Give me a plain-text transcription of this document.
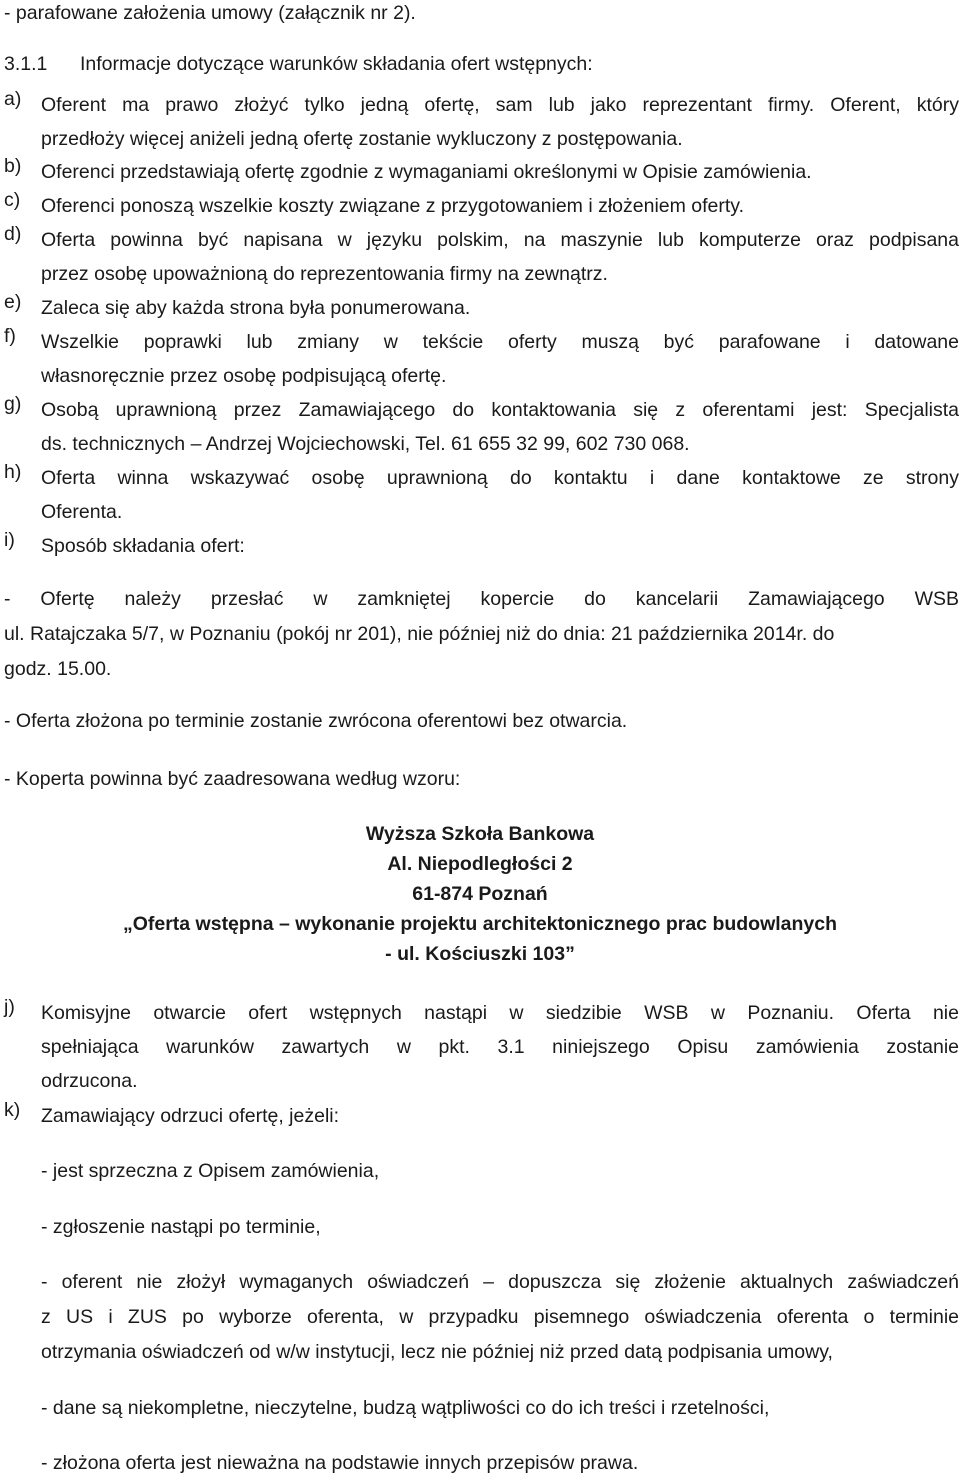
- parafowane założenia umowy (załącznik nr 2).
3.1.1 Informacje dotyczące warunków składania ofert wstępnych:
a) Oferent ma prawo złożyć tylko jedną ofertę, sam lub jako reprezentant firmy. Oferent, który
przedłoży więcej aniżeli jedną ofertę zostanie wykluczony z postępowania.
b) Oferenci przedstawiają ofertę zgodnie z wymaganiami określonymi w Opisie zamówienia.
c) Oferenci ponoszą wszelkie koszty związane z przygotowaniem i złożeniem oferty.
d) Oferta powinna być napisana w języku polskim, na maszynie lub komputerze oraz podpisana
przez osobę upoważnioną do reprezentowania firmy na zewnątrz.
e) Zaleca się aby każda strona była ponumerowana.
f) Wszelkie poprawki lub zmiany w tekście oferty muszą być parafowane i datowane
własnoręcznie przez osobę podpisującą ofertę.
g) Osobą uprawnioną przez Zamawiającego do kontaktowania się z oferentami jest: Specjalista
ds. technicznych – Andrzej Wojciechowski, Tel. 61 655 32 99, 602 730 068.
h) Oferta winna wskazywać osobę uprawnioną do kontaktu i dane kontaktowe ze strony
Oferenta.
i) Sposób składania ofert:
- Ofertę należy przesłać w zamkniętej kopercie do kancelarii Zamawiającego WSB
ul. Ratajczaka 5/7, w Poznaniu (pokój nr 201), nie później niż do dnia: 21 października 2014r. do
godz. 15.00.
- Oferta złożona po terminie zostanie zwrócona oferentowi bez otwarcia.
- Koperta powinna być zaadresowana według wzoru:
Wyższa Szkoła Bankowa
Al. Niepodległości 2
61-874 Poznań
„Oferta wstępna – wykonanie projektu architektonicznego prac budowlanych
- ul. Kościuszki 103”
j) Komisyjne otwarcie ofert wstępnych nastąpi w siedzibie WSB w Poznaniu. Oferta nie
spełniająca warunków zawartych w pkt. 3.1 niniejszego Opisu zamówienia zostanie
odrzucona.
k) Zamawiający odrzuci ofertę, jeżeli:
- jest sprzeczna z Opisem zamówienia,
- zgłoszenie nastąpi po terminie,
- oferent nie złożył wymaganych oświadczeń – dopuszcza się złożenie aktualnych zaświadczeń
z US i ZUS po wyborze oferenta, w przypadku pisemnego oświadczenia oferenta o terminie
otrzymania oświadczeń od w/w instytucji, lecz nie później niż przed datą podpisania umowy,
- dane są niekompletne, nieczytelne, budzą wątpliwości co do ich treści i rzetelności,
- złożona oferta jest nieważna na podstawie innych przepisów prawa.
